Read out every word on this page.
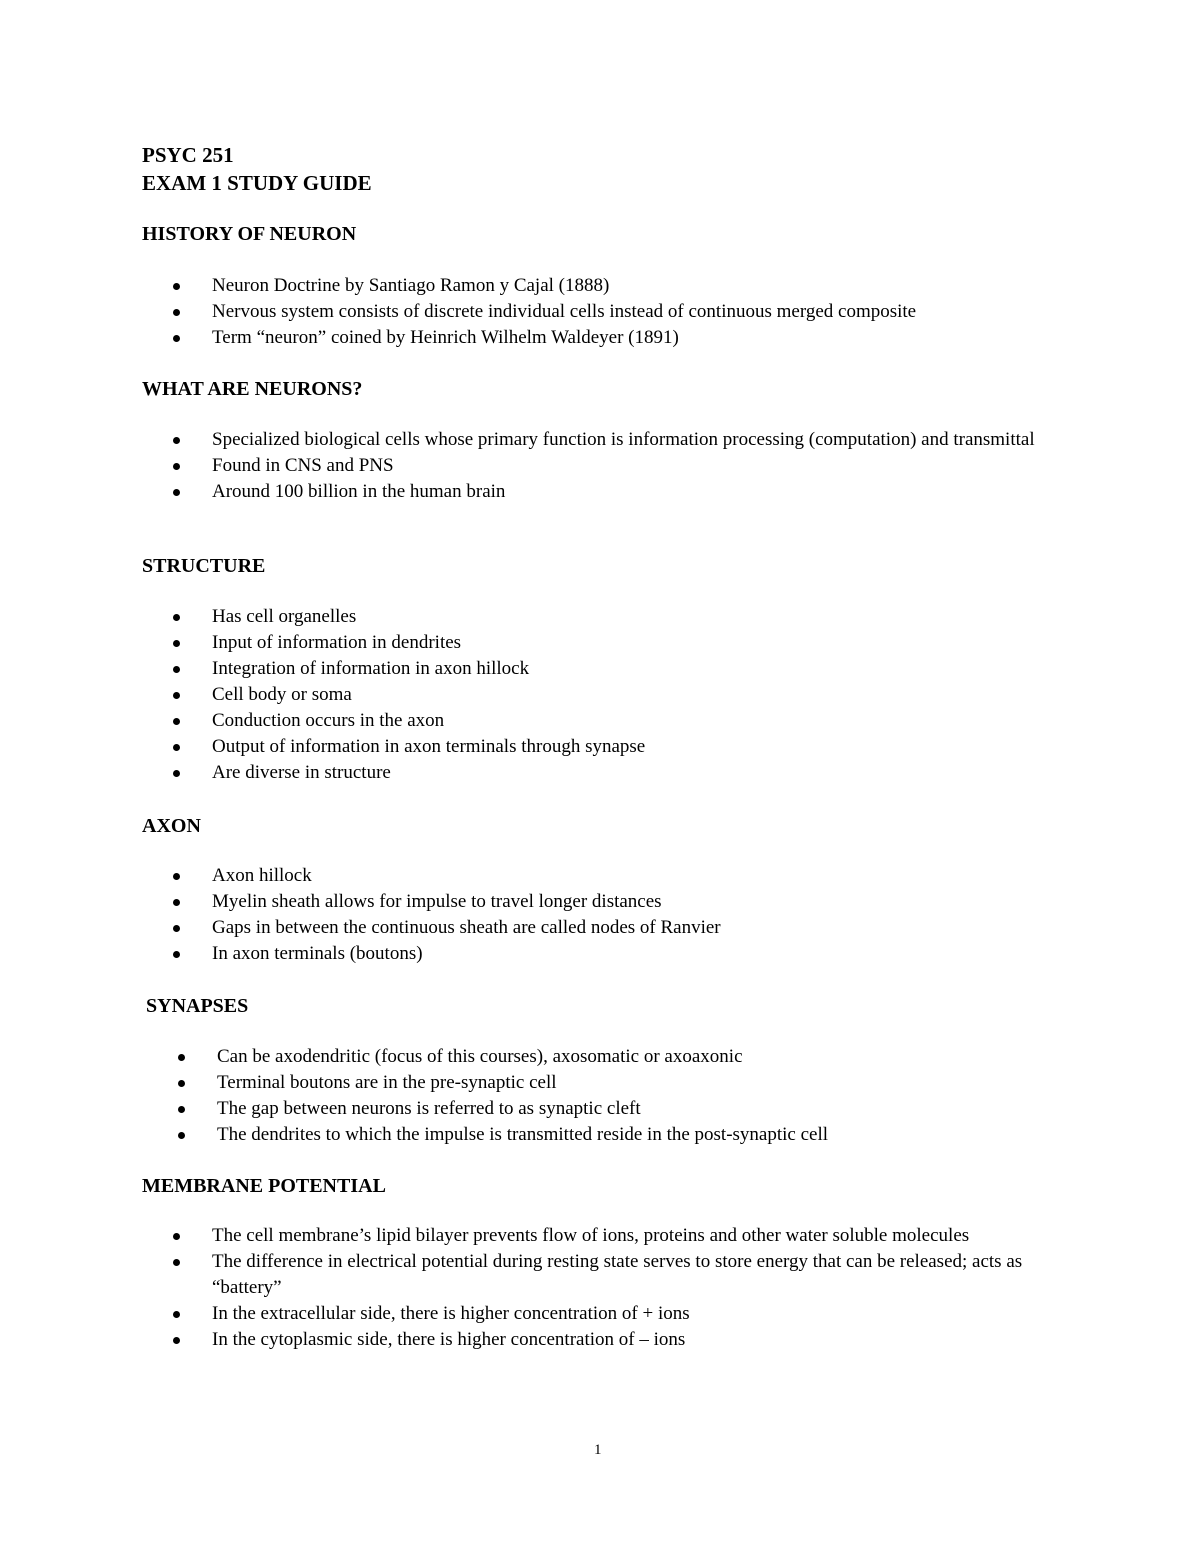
PSYC 251
EXAM 1 STUDY GUIDE
HISTORY OF NEURON
Neuron Doctrine by Santiago Ramon y Cajal (1888)
Nervous system consists of discrete individual cells instead of continuous merged composite
Term “neuron” coined by Heinrich Wilhelm Waldeyer (1891)
WHAT ARE NEURONS?
Specialized biological cells whose primary function is information processing (computation) and transmittal
Found in CNS and PNS
Around 100 billion in the human brain
STRUCTURE
Has cell organelles
Input of information in dendrites
Integration of information in axon hillock
Cell body or soma
Conduction occurs in the axon
Output of information in axon terminals through synapse
Are diverse in structure
AXON
Axon hillock
Myelin sheath allows for impulse to travel longer distances
Gaps in between the continuous sheath are called nodes of Ranvier
In axon terminals (boutons)
SYNAPSES
Can be axodendritic (focus of this courses), axosomatic or axoaxonic
Terminal boutons are in the pre-synaptic cell
The gap between neurons is referred to as synaptic cleft
The dendrites to which the impulse is transmitted reside in the post-synaptic cell
MEMBRANE POTENTIAL
The cell membrane’s lipid bilayer prevents flow of ions, proteins and other water soluble molecules
The difference in electrical potential during resting state serves to store energy that can be released; acts as “battery”
In the extracellular side, there is higher concentration of + ions
In the cytoplasmic side, there is higher concentration of – ions
1
